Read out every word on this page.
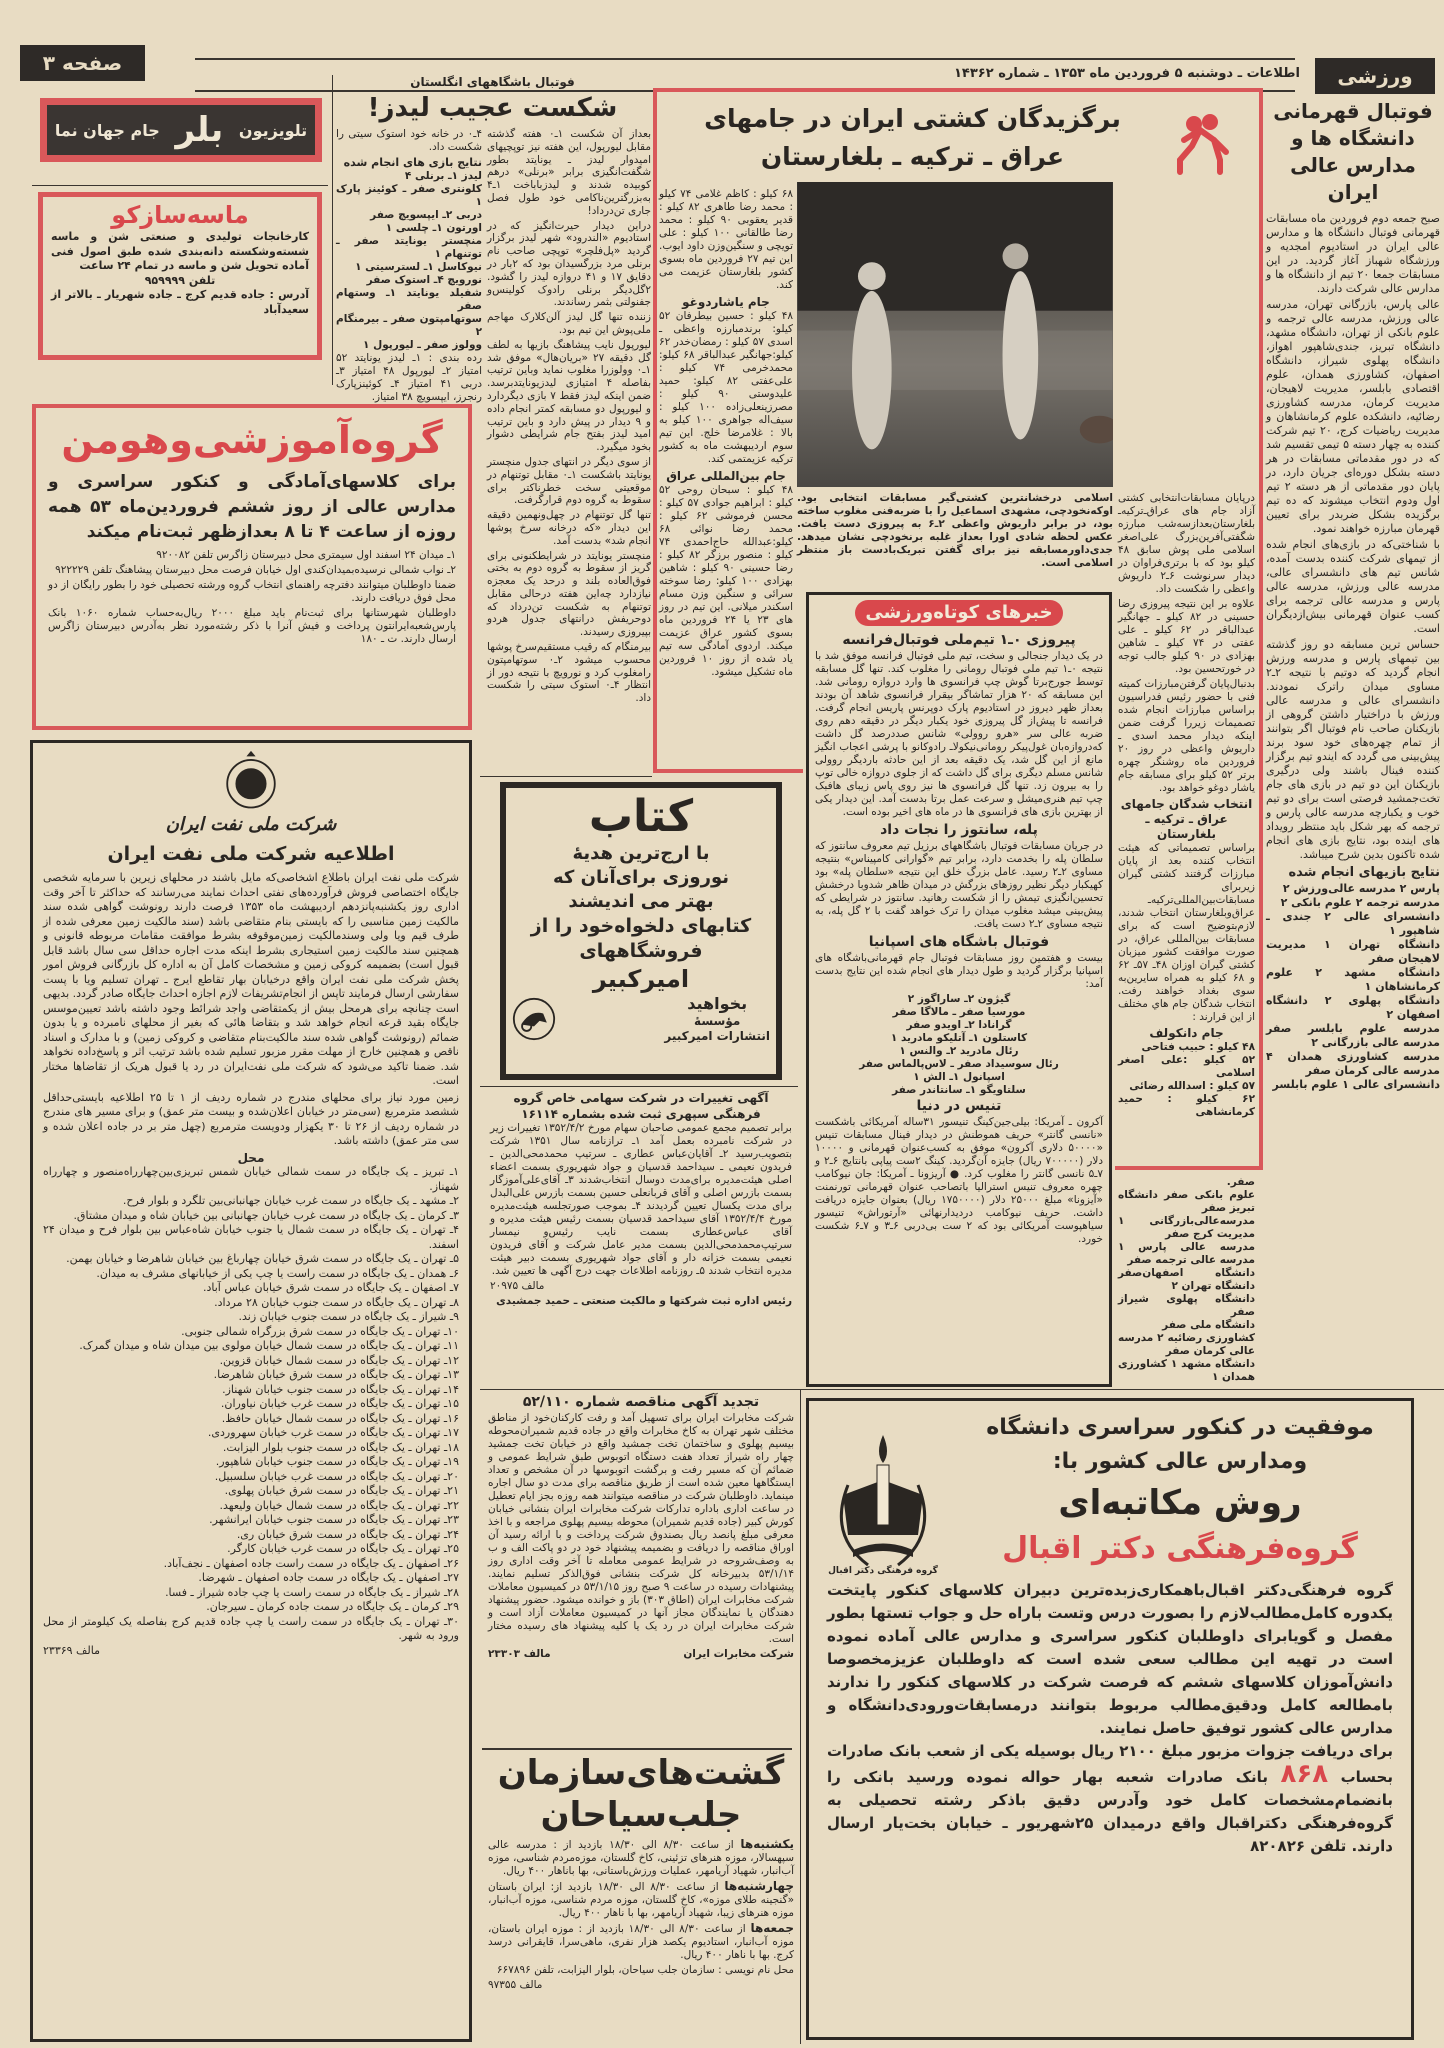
ورزشی
صفحه ۳	اطلاعات ـ دوشنبه ۵ فروردین ماه ۱۳۵۳ ـ شماره ۱۴۳۶۲
فوتبال قهرمانی دانشگاه ها و مدارس عالی ایران

صبح جمعه دوم فروردین ماه مسابقات قهرمانی فوتبال دانشگاه ها و مدارس عالی ایران در استادیوم امجدیه و ورزشگاه شهباز آغاز گردید. در این مسابقات جمعا ۲۰ تیم از دانشگاه ها و مدارس عالی شرکت دارند.

عالی پارس، بازرگانی تهران، مدرسه عالی ورزش، مدرسه عالی ترجمه و علوم بانکی از تهران، دانشگاه مشهد، دانشگاه تبریز، جندی‌شاهپور اهواز، دانشگاه پهلوی شیراز، دانشگاه اصفهان، کشاورزی همدان، علوم اقتصادی بابلسر، مدیریت لاهیجان، مدیریت کرمان، مدرسه کشاورزی رضائیه، دانشکده علوم کرمانشاهان و مدیریت ریاضیات کرج، ۲۰ تیم شرکت کننده به چهار دسته ۵ تیمی تقسیم شد که در دور مقدماتی مسابقات در هر دسته بشکل دوره‌ای جریان دارد، در پایان دور مقدماتی از هر دسته ۲ تیم اول ودوم انتخاب میشوند که ده تیم برگزیده بشکل ضربدر برای تعیین قهرمان مبارزه خواهند نمود.

با شناختی‌که در بازی‌های انجام شده از تیمهای شرکت کننده بدست آمده، شانس تیم های دانشسرای عالی، مدرسه عالی ورزش، مدرسه عالی پارس و مدرسه عالی ترجمه برای کسب عنوان قهرمانی بیش‌ازدیگران است.

حساس ترین مسابقه دو روز گذشته بین تیمهای پارس و مدرسه ورزش انجام گردید که دوتیم با نتیجه ۲ـ۲ مساوی میدان راترک نمودند. دانشسرای عالی و مدرسه عالی ورزش با دراختیار داشتن گروهی از بازیکنان صاحب نام فوتبال اگر بتوانند از تمام چهره‌های خود سود برند پیش‌بینی می گردد که ایندو تیم برگزار کننده فینال باشند ولی درگیری بازیکنان این دو تیم در بازی های جام تخت‌جمشید فرصتی است برای دو تیم خوب و یکبارچه مدرسه عالی پارس و ترجمه که بهر شکل باید منتظر رویداد های اینده بود، نتایج بازی های انجام شده تاکنون بدین شرح میباشد.

نتایج بازیهای انجام شده
پارس ۲ مدرسه عالی‌ورزش ۲
مدرسه ترجمه ۲ علوم بانکی ۲
دانشسرای عالی ۲ جندی ـ شاهپور ۱
دانشگاه تهران ۱ مدیریت لاهیجان صفر
دانشگاه مشهد ۲ علوم کرمانشاهان ۱
دانشگاه پهلوی ۲ دانشگاه اصفهان ۲
مدرسه علوم بابلسر صفر مدرسه عالی بازرگانی ۲
مدرسه کشاورزی همدان ۴ مدرسه عالی کرمان صفر
دانشسرای عالی ۱ علوم بابلسر
برگزیدگان کشتی ایران در جامهای
عراق ـ ترکیه ـ بلغارستان

۶۸ کیلو : کاظم غلامی ۷۴ کیلو : محمد رضا طاهری ۸۲ کیلو : قدیر یعقوبی ۹۰ کیلو : محمد رضا طالقانی ۱۰۰ کیلو : علی تویچی و سنگین‌وزن داود ایوب. این تیم ۲۷ فروردین ماه بسوی کشور بلغارستان عزیمت می کند.

جام یاشاردوغو

۴۸ کیلو : حسین بیطرفان ۵۲ کیلو: برندمبارزه واعظی ـ اسدی ۵۷ کیلو : رمضان‌خدر ۶۲ کیلو:جهانگیر عبدالباقر ۶۸ کیلو: محمدخرمی ۷۴ کیلو : علی‌عفتی ۸۲ کیلو: حمید علیدوستی ۹۰ کیلو : مصرزینعلی‌زاده ۱۰۰ کیلو : سیف‌اله جواهری ۱۰۰ کیلو به بالا : غلامرضا خلج. این تیم سوم اردیبهشت ماه به کشور ترکیه عزیمتمی کند.

جام بین‌المللی عراق

۴۸ کیلو : سبحان روحی ۵۲ کیلو : ابراهیم جوادی ۵۷ کیلو : محسن فرموشی ۶۲ کیلو : محمد رضا نوائی ۶۸ کیلو:عبدالله حاج‌احمدی ۷۴ کیلو : منصور برزگر ۸۲ کیلو : رضا حسینی ۹۰ کیلو : شاهین بهزادی ۱۰۰ کیلو: رضا سوخته سرائی و سنگین وزن مسام اسکندر میلانی. این تیم در روز های ۲۳ یا ۲۴ فروردین ماه بسوی کشور عراق عزیمت میکند. اردوی آمادگی سه تیم یاد شده از روز ۱۰ فروردین ماه تشکیل میشود.

اسلامی درخشانترین کشتی‌گیر مسابقات انتخابی بود. اوکه‌نخودچی، مشهدی اسماعیل را با ضربه‌فنی مغلوب ساخته بود، در برابر داریوش واعظی ۲ـ۶ به پیروزی دست یافت. عکس لحظه شادی اورا بعداز غلبه برنخودچی نشان میدهد. جدی‌داورمسابقه نیز برای گفتن تبریک‌بادست باز منتظر اسلامی است.

درپایان مسابقات‌انتخابی کشتی آزاد جام های عراق‌ـ‌ترکیه‌ـ بلغارستان‌بعدازسه‌شب مبارزه شگفتی‌آفرین‌بزرگ علی‌اصغر اسلامی ملی پوش سابق ۴۸ کیلو بود که با برتری‌فراوان در دیدار سرنوشت ۶ـ۲ داریوش واعظی را شکست داد.

علاوه بر این نتیجه پیروزی رضا حسینی در ۸۲ کیلو ـ جهانگیر عبدالباقر در ۶۲ کیلو ـ علی عفتی در ۷۴ کیلو ـ شاهین بهزادی در ۹۰ کیلو جالب توجه در خورتحسین بود.

بدنبال‌پایان گرفتن‌مبارزات کمیته فنی با حضور رئیس فدراسیون براساس مبارزات انجام شده تصمیمات زیررا گرفت ضمن اینکه دیدار محمد اسدی ـ داریوش واعظی در روز ۲۰ فروردین ماه روشنگر چهره برتر ۵۲ کیلو برای مسابقه جام یاشار دوغو خواهد بود.

انتخاب شدگان جامهای عراق ـ ترکیه ـ بلغارستان

براساس تصمیماتی که هیئت انتخاب کننده بعد از پایان مبارزات گرفتند کشتی گیران زیربرای مسابقات‌بین‌المللی‌ترکیه‌ـ عراق‌وبلغارستان انتخاب شدند، لازم‌بتوضیح است که برای مسابقات بین‌المللی عراق، در صورت موافقت کشور میزبان کشتی گیران اوزان ۴۸ـ ۵۷ـ ۶۲ و ۶۸ کیلو به همراه سایرین‌به سوی بغداد خواهند رفت. انتخاب شدگان جام هاي مختلف از این قرارند :

جام دانکولف
۴۸ کیلو : حبیب فتاحی
۵۲ کیلو :علی اصغر اسلامی
۵۷ کیلو : اسدالله رضائی
۶۲ کیلو : حمید کرمانشاهی
صفر.
علوم بانکی صفر دانشگاه تبریز صفر
مدرسه‌عالی‌بازرگانی ۱ مدیریت کرج صفر
مدرسه عالی پارس ۱ مدرسه عالی ترجمه صفر
دانشگاه اصفهان‌صفر دانشگاه تهران ۲
دانشگاه پهلوی شیراز صفر
دانشگاه ملی صفر
کشاورزی رضائیه ۲ مدرسه عالی کرمان صفر
دانشگاه مشهد ۱ کشاورزی همدان ۱
خبرهای کوتاه‌ورزشی
پیروزی ۰ـ۱ تیم‌ملی فوتبال‌فرانسه

در یک دیدار جنجالی و سخت، تیم ملی فوتبال فرانسه موفق شد با نتیجه ۰ـ۱ تیم ملی فوتبال رومانی را مغلوب کند. تنها گل مسابقه توسط جورج‌برتا گوش چپ فرانسوی ها وارد دروازه رومانی شد. این مسابقه که ۲۰ هزار تماشاگر بیقرار فرانسوی شاهد آن بودند بعداز ظهر دیروز در استادیوم پارک دوپرنس پاریس انجام گرفت. فرانسه تا پیش‌از گل پیروزی خود یکبار دیگر در دقیقه دهم روی ضربه عالی سر «هرو روولی» شانس صددرصد گل داشت که‌دروازه‌بان غول‌پیکر رومانی‌نیکولاـ رادوکانو با پرشی اعجاب انگیز مانع از این گل شد، یک دقیقه بعد از این حادثه باردیگر روولی شانس مسلم دیگری برای گل داشت که از جلوی دروازه خالی توپ را به بیرون زد. تنها گل فرانسوی ها نیز روی پاس زیبای هافبک چپ تیم هنری‌میشل و سرعت عمل برتا بدست آمد. این دیدار یکی از بهترین بازی های فرانسوی ها در ماه های اخیر بوده است.

پله، سانتوز را نجات داد

در جریان مسابقات فوتبال باشگاههای برزیل تیم معروف سانتوز که سلطان پله را بخدمت دارد، برابر تیم «گوارانی کامپیناس» بنتیجه مساوی ۲ـ۲ رسید. عامل بزرگ خلق این نتیجه «سلطان پله» بود کهیکبار دیگر نظیر روزهای بزرگش در میدان ظاهر شدوبا درخشش تحسین‌انگیزی تیمش را از شکست رهانید. سانتوز در شرایطی که پیش‌بینی میشد مغلوب میدان را ترک خواهد گفت با ۲ گل پله، به نتیجه مساوی ۲ـ۲ دست یافت.

فوتبال باشگاه های اسپانیا

بیست و هفتمین روز مسابقات فوتبال جام قهرمانی‌باشگاه های اسپانیا برگزار گردید و طول دیدار های انجام شده این نتایج بدست آمد:

گیژون ۲ـ ساراگوز ۲
مورسیا صفر ـ مالاگا صفر
گرانادا ۲ـ اویدو صفر
کاستلون ۱ـ آتلیکو مادرید ۱
رئال مادرید ۲ـ والنس ۱
رئال سوسیداد صفر ـ لاس‌پالماس صفر
اسپانول ۱ـ الش ۱
سلتاویگو ۱ـ سانتاندر صفر
تنیس در دنیا

آکرون ـ آمریکا: بیلی‌جین‌کینگ تنیسور ۳۱ساله آمریکائی باشکست «نانسی گانتر» حریف هموطنش در دیدار فینال مسابقات تنیس «۵۰۰۰۰ دلاری آکرون» موفق به کسب‌عنوان قهرمانی و ۱۰۰۰۰ دلار (۷۰۰۰۰۰ ریال) جایزه آن‌گردید. کینگ ۲ست پیاپی بانتایج ۶ـ۲ و ۷ـ۵ نانسی گانتر را مغلوب کرد. ● آریزونا ـ آمریکا: جان نیوکامب چهره معروف تنیس استرالیا باتصاحب عنوان قهرمانی تورنمنت «آیزونا» مبلغ ۲۵۰۰۰ دلار (۱۷۵۰۰۰۰ ریال) بعنوان جایزه دریافت داشت. حریف نیوکامب دردیدارنهائی «آرتوراش» تنیسور سیاهپوست آمریکائی بود که ۲ ست بی‌دربی ۶ـ۳ و ۷ـ۶ شکست خورد.

فوتبال باشگاههای انگلستان
شکست عجیب لیدز!

۴ـ۰ در خانه خود استوک سیتی را شکست داد.

نتایج بازی های انجام شده
لیدز ۱ـ برنلی ۴
کلونتری صفر ـ کوئینز پارک ۱
دربی ۲ـ ایپسویچ صفر
اورتون ۱ـ چلسی ۱
منچستر یونایتد صفر ـ توتنهام ۱
نیوکاسل ۱ـ لسترسیتی ۱
نورویچ ۴ـ استوک صفر
شفیلد یونایتد ۱ـ وستهام صفر
سوتهامپتون صفر ـ بیرمنگام ۲
وولوز صفر ـ لیورپول ۱

رده بندی : ۱ـ لیدز یونایتد ۵۲ امتیاز ۲ـ لیورپول ۴۸ امتیاز ۳ـ دربی ۴۱ امتیاز ۴ـ کوئینزپارک رنجرز، ایپسویچ ۳۸ امتیاز.

بعداز آن شکست ۱ـ۰ هفته گذشته مقابل لیورپول، این هفته نیز توپچیهای امیدوار لیدز ـ یونایتد بطور شگفت‌انگیزی برابر «برنلی» درهم کوبیده شدند و لیدزباباخت ۱ـ۴ به‌بزرگترین‌ناکامی خود طول فصل جاری تن‌درداد!

دراین دیدار حیرت‌انگیز که در استادیوم «الندرود» شهر لیدز برگزار گردید «پل‌فلچر» توپچی صاحب نام برنلی مرد بزرگسیدان بود که ۲بار در دقایق ۱۷ و ۴۱ دروازه لیدز را گشود. ۲گل‌دیگر برنلی رادوک کولینس‌و جفنولتی بثمر رساندند.

زننده تنها گل لیدز آلن‌کلارک مهاجم ملی‌پوش این تیم بود.

لیورپول نایب پیشاهنگ بازیها به لطف گل دقیقه ۲۷ «بریان‌هال» موفق شد ۱ـ۰ وولوزرا مغلوب نماید وباین ترتیب بفاصله ۴ امتیازی لیدزیونایتدبرسد. ضمن اینکه لیدز فقط ۷ بازی دیگردارد و لیورپول دو مسابقه کمتر انجام داده و ۹ دیدار در پیش دارد و باین ترتیب امید لیدز بفتح جام شرایطی دشوار بخود میگیرد.

از سوی دیگر در انتهای جدول منچستر یونایتد باشکست ۱ـ۰ مقابل توتنهام در موقعیتی سخت خطرناکتر برای سقوط به گروه دوم قرارگرفت.

تنها گل توتنهام در چهل‌ونهمین دقیقه این دیدار «که درخانه سرخ پوشها انجام شد» بدست آمد.

منچستر یونایتد در شرایطکنونی برای گریز از سقوط به گروه دوم به بختی فوق‌العاده بلند و درحد یک معجزه نیازدارد چه‌این هفته درحالی مقابل توتنهام به شکست تن‌درداد که دوحریفش درانتهای جدول هردو بپیروزی رسیدند.

بیرمنگام که رقیب مستقیم‌سرخ پوشها محسوب میشود ۲ـ۰ سوتهامپتون رامغلوب کرد و نورویچ با نتیجه دور از انتظار ۴ـ۰ استوک سیتی را شکست داد.

تلویزیون
بلر
جام جهان نما
ماسه‌سازکو

کارخانجات تولیدی و صنعتی شن و ماسه شسته‌وشکسته دانه‌بندی شده طبق اصول فنی آماده تحویل شن و ماسه در تمام ۲۴ ساعت

تلفن ۹۵۹۹۹۹

آدرس : جاده قدیم کرج ـ جاده شهریار ـ بالاتر از سعیدآباد

گروه‌آموزشی‌وهومن
برای کلاسهای‌آمادگی و کنکور سراسری و مدارس عالی از روز ششم فروردین‌ماه ۵۳ همه روزه از ساعت ۴ تا ۸ بعدازظهر ثبت‌نام میکند

۱ـ میدان ۲۴ اسفند اول سیمتری محل دبیرستان زاگرس تلفن ۹۲۰۰۸۲

۲ـ نواب شمالی نرسیده‌بمیدان‌کندی اول خیابان فرصت محل دبیرستان پیشاهنگ تلفن ۹۲۲۲۲۹

ضمنا داوطلبان میتوانند دفترچه راهنمای انتخاب گروه ورشته تحصیلی خود را بطور رایگان از دو محل فوق دریافت دارند.

داوطلبان شهرستانها برای ثبت‌نام باید مبلغ ۲۰۰۰ ریال‌به‌حساب شماره ۱۰۶۰ بانک پارس‌شعبه‌ایرانتون پرداخت و فیش آنرا با ذکر رشته‌مورد نظر به‌آدرس دبیرستان زاگرس ارسال دارند. ت ـ ۱۸۰

شرکت ملی نفت ایران
اطلاعیه شرکت ملی نفت ایران

شرکت ملی نفت ایران باطلاع اشخاصی‌که مایل باشند در محلهای زیرین با سرمایه شخصی جایگاه اختصاصی فروش فرآورده‌های نفتی احداث نمایند می‌رسانند که حداکثر تا آخر وقت اداری روز یکشنبه‌پانزدهم اردیبهشت ماه ۱۳۵۳ فرصت دارند رونوشت گواهی شده سند مالکیت زمین مناسبی را که بایستی بنام متقاضی باشد (سند مالکیت زمین معرفی شده از طرف قیم ویا ولی وسندمالکیت زمین‌موقوفه بشرط موافقت مقامات مربوطه قانونی و همچنین سند مالکیت زمین استیجاری بشرط اینکه مدت اجاره حداقل سی سال باشد قابل قبول است) بضمیمه کروکی زمین و مشخصات کامل آن به اداره کل بازرگانی فروش امور پخش شرکت ملی نفت ایران واقع درخیابان بهار تقاطع ایرج ـ تهران تسلیم ویا با پست سفارشی ارسال فرمایند تاپس از انجام‌تشریفات لازم اجازه احداث جایگاه صادر گردد. بدیهی است چنانچه برای هرمحل بیش از یکمتقاضی واجد شرائط وجود داشته باشد تعیین‌موسس جایگاه بقید قرعه انجام خواهد شد و بتقاضا هائی که بغیر از محلهای نامبرده و یا بدون ضمائم (رونوشت گواهی شده سند مالکیت‌بنام متقاضی و کروکی زمین) و با مدارک و اسناد ناقص و همچنین خارج از مهلت مقرر مزبور تسلیم شده باشد ترتیب اثر و پاسخ‌داده نخواهد شد. ضمنا تاکید می‌شود که شرکت ملی نفت‌ایران در رد یا قبول هریک از تقاضاها مختار است.

زمین مورد نیاز برای محلهای مندرج در شماره ردیف از ۱ تا ۲۵ اطلاعیه بایستی‌حداقل ششصد مترمربع (سی‌متر در خیابان اعلان‌شده و بیست متر عمق) و برای مسیر های مندرج در شماره ردیف از ۲۶ تا ۳۰ یکهزار ودویست مترمربع (چهل متر بر در جاده اعلان شده و سی متر عمق) داشته باشد.

محل
۱ـ تبریز ـ یک جایگاه در سمت شمالی خیابان شمس تبریزی‌بین‌چهارراه‌منصور و چهارراه شهناز.
۲ـ مشهد ـ یک جایگاه در سمت غرب خیابان جهانبانی‌بین تلگرد و بلوار فرح.
۳ـ کرمان ـ یک جایگاه در سمت غرب خیابان جهانبانی بین خیابان شاه و میدان مشتاق.
۴ـ تهران ـ یک جایگاه در سمت شمال یا جنوب خیابان شاه‌عباس بین بلوار فرح و میدان ۲۴ اسفند.
۵ـ تهران ـ یک جایگاه در سمت شرق خیابان چهارباغ بین خیابان شاهرضا و خیابان بهمن.
۶ـ همدان ـ یک جایگاه در سمت راست یا چپ یکی از خیابانهای مشرف به میدان.
۷ـ اصفهان ـ یک جایگاه در سمت شرق خیابان عباس آباد.
۸ـ تهران ـ یک جایگاه در سمت جنوب خیابان ۲۸ مرداد.
۹ـ شیراز ـ یک جایگاه در سمت جنوب خیابان زند.
۱۰ـ تهران ـ یک جایگاه در سمت شرق بزرگراه شمالی جنوبی.
۱۱ـ تهران ـ یک جایگاه در سمت شمال خیابان مولوی بین میدان شاه و میدان گمرک.
۱۲ـ تهران ـ یک جایگاه در سمت شمال خیابان قزوین.
۱۳ـ تهران ـ یک جایگاه در سمت شرق خیابان شاهرضا.
۱۴ـ تهران ـ یک جایگاه در سمت جنوب خیابان شهناز.
۱۵ـ تهران ـ یک جایگاه در سمت غرب خیابان نیاوران.
۱۶ـ تهران ـ یک جایگاه در سمت شمال خیابان حافظ.
۱۷ـ تهران ـ یک جایگاه در سمت غرب خیابان سهروردی.
۱۸ـ تهران ـ یک جایگاه در سمت جنوب بلوار الیزابت.
۱۹ـ تهران ـ یک جایگاه در سمت جنوب خیابان شاهپور.
۲۰ـ تهران ـ یک جایگاه در سمت غرب خیابان سلسبیل.
۲۱ـ تهران ـ یک جایگاه در سمت شرق خیابان پهلوی.
۲۲ـ تهران ـ یک جایگاه در سمت شمال خیابان ولیعهد.
۲۳ـ تهران ـ یک جایگاه در سمت جنوب خیابان ایرانشهر.
۲۴ـ تهران ـ یک جایگاه در سمت شرق خیابان ری.
۲۵ـ تهران ـ یک جایگاه در سمت غرب خیابان کارگر.
۲۶ـ اصفهان ـ یک جایگاه در سمت راست جاده اصفهان ـ نجف‌آباد.
۲۷ـ اصفهان ـ یک جایگاه در سمت جاده اصفهان ـ شهرضا.
۲۸ـ شیراز ـ یک جایگاه در سمت راست یا چپ جاده شیراز ـ فسا.
۲۹ـ کرمان ـ یک جایگاه در سمت جاده کرمان ـ سیرجان.
۳۰ـ تهران ـ یک جایگاه در سمت راست یا چپ جاده قدیم کرج بفاصله یک کیلومتر از محل ورود به شهر.

مالف ۲۳۳۶۹

کتاب
با ارج‌ترین هدیهٔ
نوروزی برای‌آنان که
بهتر می اندیشند
کتابهای دلخواه‌خود را از
فروشگاههای
امیرکبیر
بخواهید
مؤسسهٔ
انتشارات امیرکبیر
آگهی تغییرات در شرکت سهامی خاص گروه فرهنگی سپهری ثبت شده بشماره ۱۶۱۱۴

برابر تصمیم مجمع عمومی صاحبان سهام مورخ ۱۳۵۲/۴/۲ تغییرات زیر در شرکت نامبرده بعمل آمد ۱ـ ترازنامه سال ۱۳۵۱ شرکت بتصویب‌رسید ۲ـ آقایان‌عباس عطاری ـ سرتیپ محمدمحی‌الدین ـ فریدون نعیمی ـ سیداحمد قدسیان و جواد شهریوری بسمت اعضاء اصلی هیئت‌مدیره برای‌مدت دوسال انتخاب‌شدند ۳ـ آقای‌علی‌آموزگار بسمت بازرس اصلی و آقای قربانعلی حسین بسمت بازرس علی‌البدل برای مدت یکسال تعیین گردیدند ۴ـ بموجب صورتجلسه هیئت‌مدیره مورخ ۱۳۵۲/۴/۴ آقای سیداحمد قدسیان بسمت رئیس هیئت مدیره و آقای عباس‌عطاری بسمت نایب رئیس‌و نیمسار سرتیپ‌محمدمحی‌الدین بسمت مدیر عامل شرکت و آقای فریدون نعیمی بسمت خزانه دار و آقای جواد شهریوری بسمت دبیر هیئت مدیره انتخاب شدند ۵ـ روزنامه اطلاعات جهت درج آگهی ها تعیین شد.

مالف ۲۰۹۷۵

رئیس اداره ثبت شرکتها و مالکیت صنعتی ـ حمید جمشیدی

تجدید آگهی مناقصه شماره ۵۲/۱۱۰

شرکت مخابرات ایران برای تسهیل آمد و رفت کارکنان‌خود از مناطق مختلف شهر تهران به کاخ مخابرات واقع در جاده قدیم شمیران‌محوطه بیسیم پهلوی و ساختمان تخت جمشید واقع در خیابان تخت جمشید چهار راه شیراز تعداد هفت دستگاه اتوبوس طبق شرایط عمومی و ضمائم آن که مسیر رفت و برگشت اتوبوسها در آن مشخص و تعداد ایستگاهها معین شده است از طریق مناقصه برای مدت دو سال اجاره مینماید. داوطلبان شرکت در مناقصه میتوانند همه روزه بجز ایام تعطیل در ساعت اداری باداره تدارکات شرکت مخابرات ایران بنشانی خیابان کورش کبیر (جاده قدیم شمیران) محوطه بیسیم پهلوی مراجعه و با اخذ معرفی مبلغ پانصد ریال بصندوق شرکت پرداخت و با ارائه رسید آن اوراق مناقصه را دریافت و بضمیمه پیشنهاد خود در دو پاکت الف و ب به وصف‌شروحه در شرایط عمومی معامله تا آخر وقت اداری روز ۵۳/۱/۱۴ بدبیرخانه کل شرکت بنشانی فوق‌الذکر تسلیم نمایند. پیشنهادات رسیده در ساعت ۹ صبح روز ۵۳/۱/۱۵ در کمیسیون معاملات شرکت مخابرات ایران (اطاق ۳۰۳) باز و خوانده میشود. حضور پیشنهاد دهندگان یا نمایندگان مجاز آنها در کمیسیون معاملات آزاد است و شرکت مخابرات ایران در رد یک یا کلیه پیشنهاد های رسیده مختار است.

شرکت مخابرات ایران
مالف ۲۳۳۰۳

گشت‌های‌سازمان
جلب‌سیاحان

یکشنبه‌ها از ساعت ۸/۳۰ الی ۱۸/۳۰ بازدید از : مدرسه عالی سپهسالار، موزه هنرهای تزئینی، کاخ گلستان، موزه‌مردم شناسی، موزه آب‌انبار، شهیاد آریامهر، عملیات ورزش‌باستانی، بها باناهار ۴۰۰ ریال.

چهارشنبه‌ها از ساعت ۸/۳۰ الی ۱۸/۳۰ بازدید از: ایران باستان «گنجینه طلای موزه»، کاخ گلستان، موزه مردم شناسی، موزه آب‌انبار، موزه هنرهای زیبا، شهیاد آریامهر، بها با ناهار ۴۰۰ ریال.

جمعه‌ها از ساعت ۸/۳۰ الی ۱۸/۳۰ بازدید از : موزه ایران باستان، موزه آب‌انبار، استادیوم یکصد هزار نفری، ماهی‌سرا، قایقرانی درسد کرج. بها با ناهار ۴۰۰ ریال.

محل نام نویسی : سازمان جلب سیاحان، بلوار الیزابت، تلفن ۶۶۷۸۹۶

مالف ۹۷۳۵۵

گروه فرهنگی دکتر اقبال
موفقیت در کنکور سراسری دانشگاه
ومدارس عالی کشور با:
روش مکاتبه‌ای
گروه‌فرهنگی دکتر اقبال

گروه فرهنگی‌دکتر اقبال‌باهمکاری‌زبده‌ترین دبیران کلاسهای کنکور پایتخت یکدوره کامل‌مطالب‌لازم را بصورت درس وتست باراه حل و جواب تستها بطور مفصل و گویابرای داوطلبان کنکور سراسری و مدارس عالی آماده نموده است در تهیه این مطالب سعی شده است که داوطلبان عزیزمخصوصا دانش‌آموزان کلاسهای ششم که فرصت شرکت در کلاسهای کنکور را ندارند بامطالعه کامل ودقیق‌مطالب مربوط بتوانند درمسابقات‌ورودی‌دانشگاه و مدارس عالی کشور توفیق حاصل نمایند.

برای دریافت جزوات مزبور مبلغ ۲۱۰۰ ریال بوسیله یکی از شعب بانک صادرات بحساب ۸۶۸ بانک صادرات شعبه بهار حواله نموده ورسید بانکی را بانضمام‌مشخصات کامل خود وآدرس دقیق باذکر رشته تحصیلی به گروه‌فرهنگی دکتراقبال واقع درمیدان ۲۵شهریور ـ خیابان بخت‌یار ارسال دارند. تلفن ۸۲۰۸۲۶
